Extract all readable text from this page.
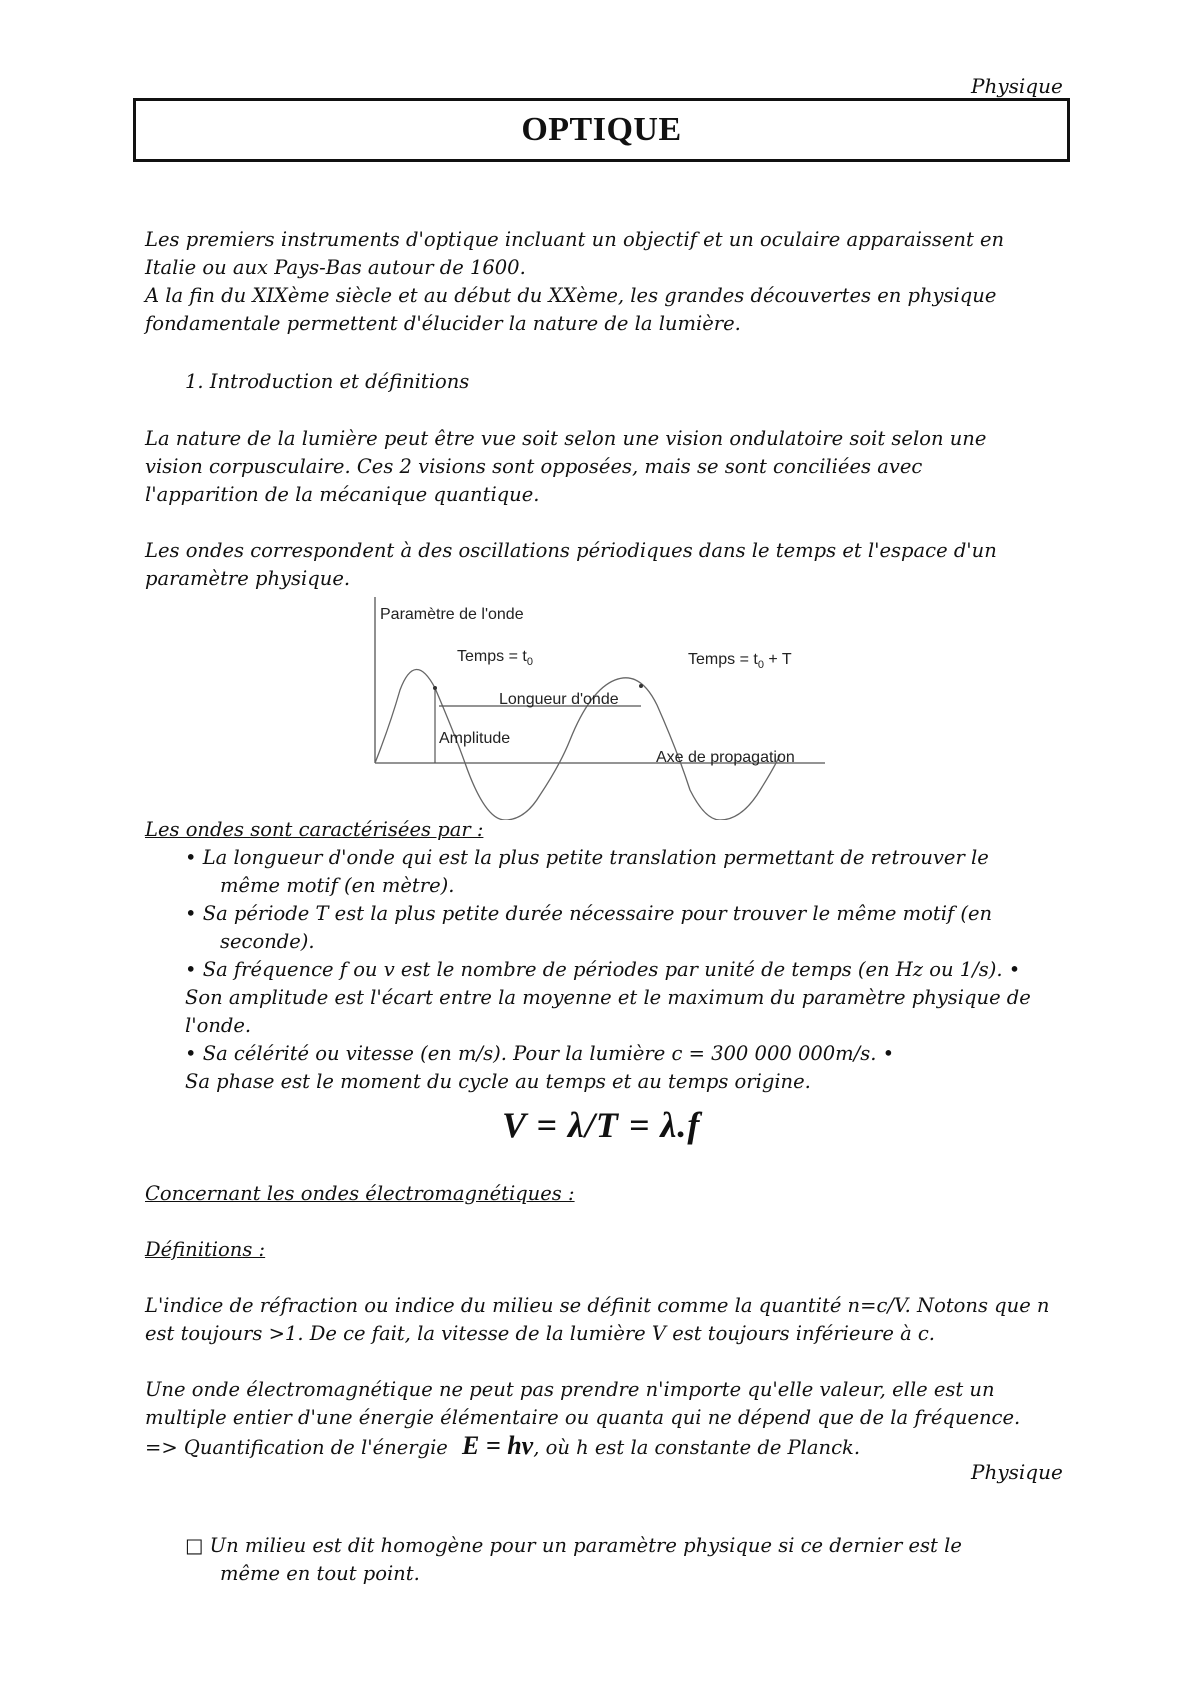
Physique
OPTIQUE
Les premiers instruments d'optique incluant un objectif et un oculaire apparaissent en
Italie ou aux Pays-Bas autour de 1600.
A la fin du XIXème siècle et au début du XXème, les grandes découvertes en physique
fondamentale permettent d'élucider la nature de la lumière.
1. Introduction et définitions
La nature de la lumière peut être vue soit selon une vision ondulatoire soit selon une
vision corpusculaire. Ces 2 visions sont opposées, mais se sont conciliées avec
l'apparition de la mécanique quantique.
Les ondes correspondent à des oscillations périodiques dans le temps et l'espace d'un
paramètre physique.
Paramètre de l'onde
Temps = $t_0$	Temps = $t_0 + T$
Longueur d'onde
Amplitude
Axe de propagation
Les ondes sont caractérisées par :
• La longueur d'onde qui est la plus petite translation permettant de retrouver le
même motif (en mètre).
• Sa période T est la plus petite durée nécessaire pour trouver le même motif (en
seconde).
• Sa fréquence f ou v est le nombre de périodes par unité de temps (en Hz ou 1/s). •
Son amplitude est l'écart entre la moyenne et le maximum du paramètre physique de
l'onde.
• Sa célérité ou vitesse (en m/s). Pour la lumière c = 300 000 000m/s. •
Sa phase est le moment du cycle au temps et au temps origine.
V = λ/T = λ.f
Concernant les ondes électromagnétiques :
Définitions :
L'indice de réfraction ou indice du milieu se définit comme la quantité n=c/V. Notons que n
est toujours >1. De ce fait, la vitesse de la lumière V est toujours inférieure à c.
Une onde électromagnétique ne peut pas prendre n'importe qu'elle valeur, elle est un
multiple entier d'une énergie élémentaire ou quanta qui ne dépend que de la fréquence.
=> Quantification de l'énergie E = hv, où h est la constante de Planck.
Physique
□ Un milieu est dit homogène pour un paramètre physique si ce dernier est le
même en tout point.
